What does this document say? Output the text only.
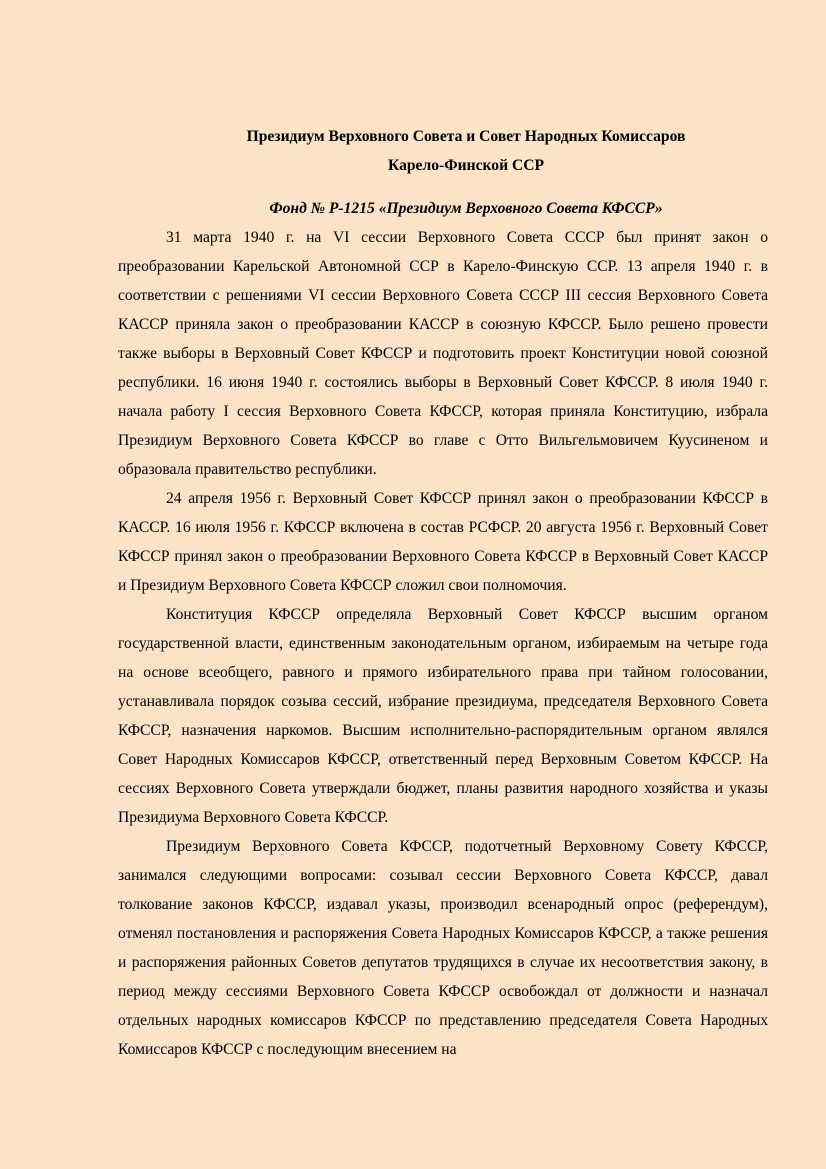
Президиум Верховного Совета и Совет Народных Комиссаров

Карело-Финской ССР

Фонд № Р-1215 «Президиум Верховного Совета КФССР»

31 марта 1940 г. на VI сессии Верховного Совета СССР был принят закон о преобразовании Карельской Автономной ССР в Карело-Финскую ССР. 13 апреля 1940 г. в соответствии с решениями VI сессии Верховного Совета СССР III сессия Верховного Совета КАССР приняла закон о преобразовании КАССР в союзную КФССР. Было решено провести также выборы в Верховный Совет КФССР и подготовить проект Конституции новой союзной республики. 16 июня 1940 г. состоялись выборы в Верховный Совет КФССР. 8 июля 1940 г. начала работу I сессия Верховного Совета КФССР, которая приняла Конституцию, избрала Президиум Верховного Совета КФССР во главе с Отто Вильгельмовичем Куусиненом и образовала правительство республики.

24 апреля 1956 г. Верховный Совет КФССР принял закон о преобразовании КФССР в КАССР. 16 июля 1956 г. КФССР включена в состав РСФСР. 20 августа 1956 г. Верховный Совет КФССР принял закон о преобразовании Верховного Совета КФССР в Верховный Совет КАССР и Президиум Верховного Совета КФССР сложил свои полномочия.

Конституция КФССР определяла Верховный Совет КФССР высшим органом государственной власти, единственным законодательным органом, избираемым на четыре года на основе всеобщего, равного и прямого избирательного права при тайном голосовании, устанавливала порядок созыва сессий, избрание президиума, председателя Верховного Совета КФССР, назначения наркомов. Высшим исполнительно-распорядительным органом являлся Совет Народных Комиссаров КФССР, ответственный перед Верховным Советом КФССР. На сессиях Верховного Совета утверждали бюджет, планы развития народного хозяйства и указы Президиума Верховного Совета КФССР.

Президиум Верховного Совета КФССР, подотчетный Верховному Совету КФССР, занимался следующими вопросами: созывал сессии Верховного Совета КФССР, давал толкование законов КФССР, издавал указы, производил всенародный опрос (референдум), отменял постановления и распоряжения Совета Народных Комиссаров КФССР, а также решения и распоряжения районных Советов депутатов трудящихся в случае их несоответствия закону, в период между сессиями Верховного Совета КФССР освобождал от должности и назначал отдельных народных комиссаров КФССР по представлению председателя Совета Народных Комиссаров КФССР с последующим внесением на
